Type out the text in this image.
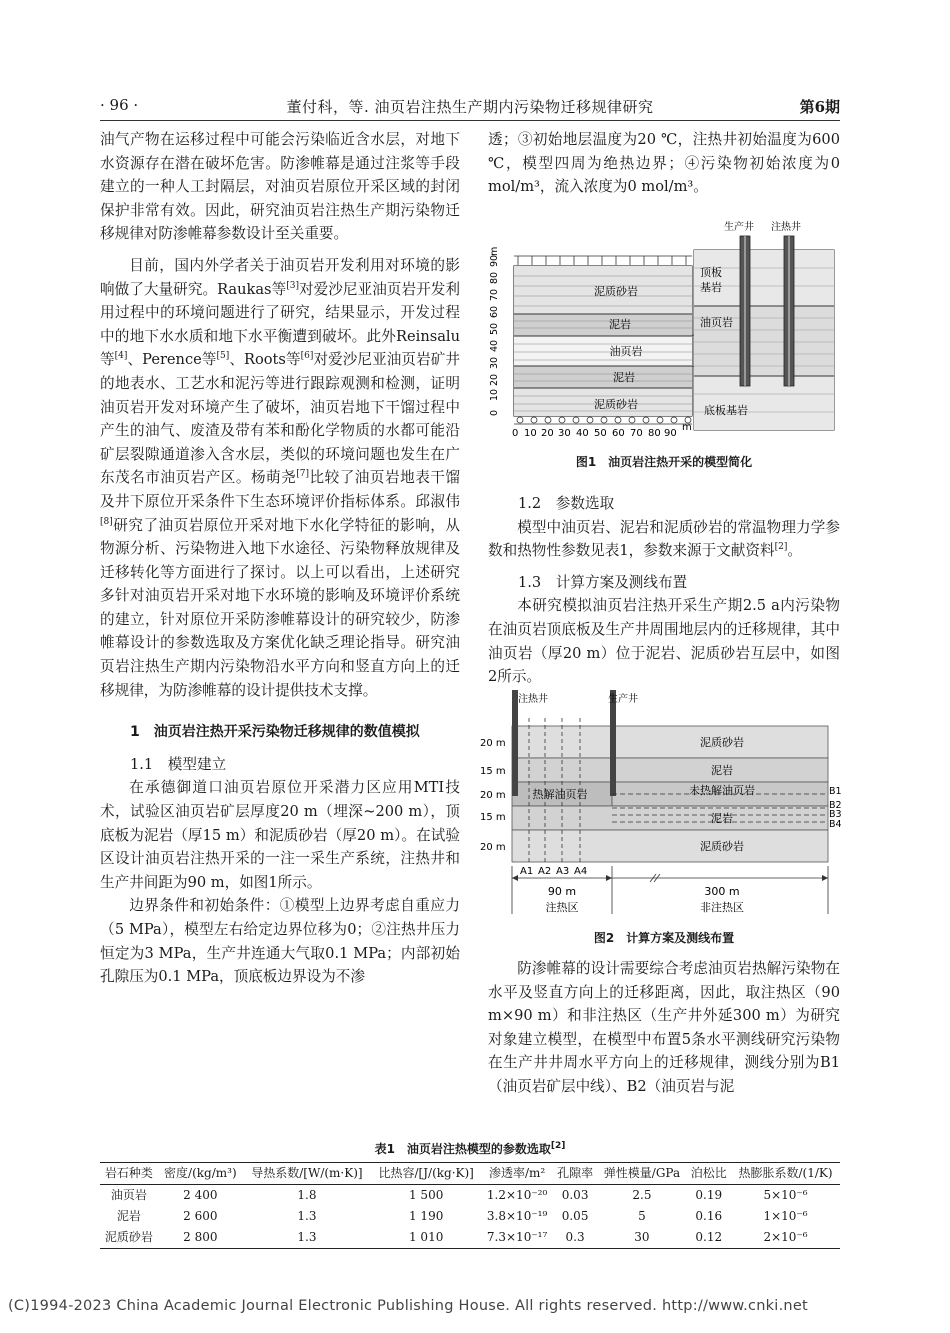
· 96 ·	董付科，等. 油页岩注热生产期内污染物迁移规律研究	第6期

油气产物在运移过程中可能会污染临近含水层，对地下水资源存在潜在破坏危害。防渗帷幕是通过注浆等手段建立的一种人工封隔层，对油页岩原位开采区域的封闭保护非常有效。因此，研究油页岩注热生产期污染物迁移规律对防渗帷幕参数设计至关重要。

目前，国内外学者关于油页岩开发利用对环境的影响做了大量研究。Raukas等[3]对爱沙尼亚油页岩开发利用过程中的环境问题进行了研究，结果显示，开发过程中的地下水水质和地下水平衡遭到破坏。此外Reinsalu等[4]、Perence等[5]、Roots等[6]对爱沙尼亚油页岩矿井的地表水、工艺水和泥污等进行跟踪观测和检测，证明油页岩开发对环境产生了破坏，油页岩地下干馏过程中产生的油气、废渣及带有苯和酚化学物质的水都可能沿矿层裂隙通道渗入含水层，类似的环境问题也发生在广东茂名市油页岩产区。杨萌尧[7]比较了油页岩地表干馏及井下原位开采条件下生态环境评价指标体系。邱淑伟[8]研究了油页岩原位开采对地下水化学特征的影响，从物源分析、污染物进入地下水途径、污染物释放规律及迁移转化等方面进行了探讨。以上可以看出，上述研究多针对油页岩开采对地下水环境的影响及环境评价系统的建立，针对原位开采防渗帷幕设计的研究较少，防渗帷幕设计的参数选取及方案优化缺乏理论指导。研究油页岩注热生产期内污染物沿水平方向和竖直方向上的迁移规律，为防渗帷幕的设计提供技术支撑。

1　油页岩注热开采污染物迁移规律的数值模拟

1.1　模型建立

在承德御道口油页岩原位开采潜力区应用MTI技术，试验区油页岩矿层厚度20 m（埋深~200 m），顶底板为泥岩（厚15 m）和泥质砂岩（厚20 m）。在试验区设计油页岩注热开采的一注一采生产系统，注热井和生产井间距为90 m，如图1所示。

边界条件和初始条件：①模型上边界考虑自重应力（5 MPa），模型左右给定边界位移为0；②注热井压力恒定为3 MPa，生产井连通大气取0.1 MPa；内部初始孔隙压为0.1 MPa，顶底板边界设为不渗

透；③初始地层温度为20 ℃，注热井初始温度为600 ℃，模型四周为绝热边界；④污染物初始浓度为0 mol/m³，流入浓度为0 mol/m³。

泥质砂岩
泥岩
油页岩
泥岩
泥质砂岩
0
10
20
30
40
50
60
70
80
90
m
0 10 20 30 40 50 60 70 80 90
m
生产井 注热井
顶板
基岩
油页岩
底板基岩
图1　油页岩注热开采的模型简化

1.2　参数选取

模型中油页岩、泥岩和泥质砂岩的常温物理力学参数和热物性参数见表1，参数来源于文献资料[2]。

1.3　计算方案及测线布置

本研究模拟油页岩注热开采生产期2.5 a内污染物在油页岩顶底板及生产井周围地层内的迁移规律，其中油页岩（厚20 m）位于泥岩、泥质砂岩互层中，如图2所示。

注热井	生产井
20 m
15 m
20 m
15 m
20 m
泥质砂岩
泥岩
热解油页岩	未热解油页岩
泥岩
泥质砂岩
B1
B2
B3
B4
A1 A2 A3 A4
90 m
注热区
300 m
非注热区
图2　计算方案及测线布置

防渗帷幕的设计需要综合考虑油页岩热解污染物在水平及竖直方向上的迁移距离，因此，取注热区（90 m×90 m）和非注热区（生产井外延300 m）为研究对象建立模型，在模型中布置5条水平测线研究污染物在生产井井周水平方向上的迁移规律，测线分别为B1（油页岩矿层中线）、B2（油页岩与泥

表1　油页岩注热模型的参数选取[2]
岩石种类	密度/(kg/m³)	导热系数/[W/(m·K)]	比热容/[J/(kg·K)]	渗透率/m²	孔隙率	弹性模量/GPa	泊松比	热膨胀系数/(1/K)
油页岩	2 400	1.8	1 500	1.2×10⁻²⁰	0.03	2.5	0.19	5×10⁻⁶
泥岩	2 600	1.3	1 190	3.8×10⁻¹⁹	0.05	5	0.16	1×10⁻⁶
泥质砂岩	2 800	1.3	1 010	7.3×10⁻¹⁷	0.3	30	0.12	2×10⁻⁶
(C)1994-2023 China Academic Journal Electronic Publishing House. All rights reserved. http://www.cnki.net
